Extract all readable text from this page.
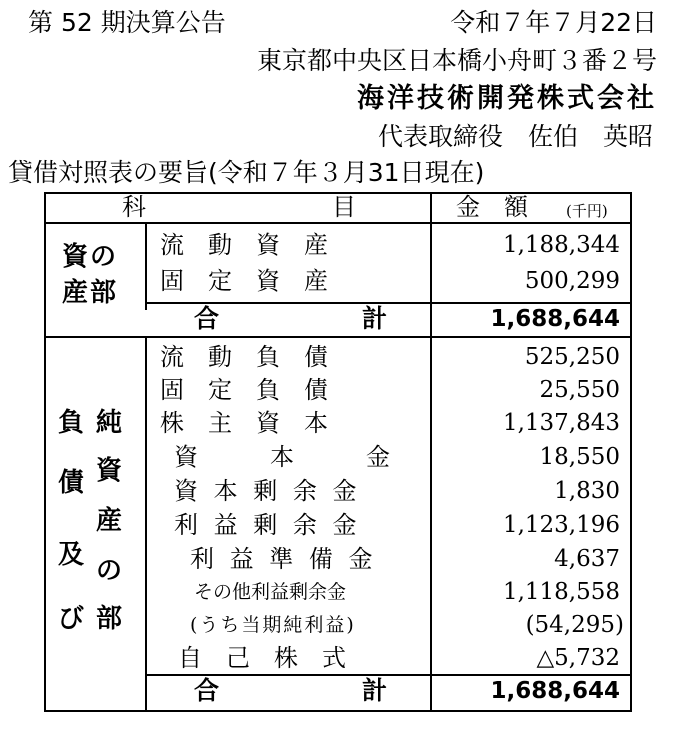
第 52 期決算公告	令和７年７月22日
東京都中央区日本橋小舟町３番２号
海洋技術開発株式会社
代表取締役　佐伯　英昭
貸借対照表の要旨(令和７年３月31日現在)
科	目	金　額	(千円)
資の
産部
流　動　資　産	1,188,344
固　定　資　産	500,299
合	計	1,688,644
負
債
及
び
純
資
産
の
部
流　動　負　債	525,250
固　定　負　債	25,550
株　主　資　本	1,137,843
資　　　本　　　金	18,550
資 本 剰 余 金	1,830
利 益 剰 余 金	1,123,196
利 益 準 備 金	4,637
その他利益剰余金	1,118,558
(うち当期純利益)	(54,295)
自　己　株　式	△5,732
合	計	1,688,644
